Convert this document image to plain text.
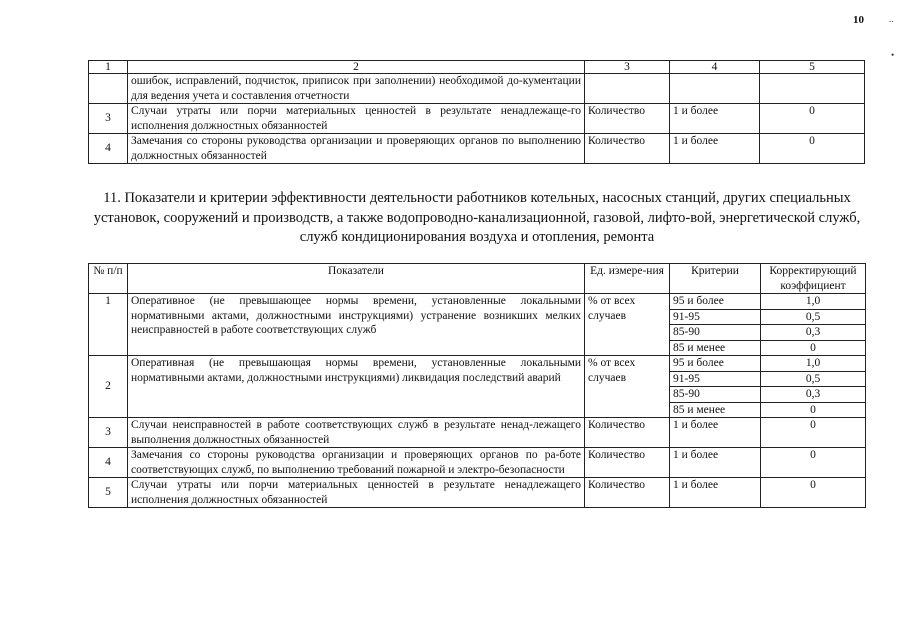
10	..
•
1	2	3	4	5
	ошибок, исправлений, подчисток, приписок при заполнении) необходимой до-кументации для ведения учета и составления отчетности			
3	Случаи утраты или порчи материальных ценностей в результате ненадлежаще-го исполнения должностных обязанностей	Количество	1 и более	0
4	Замечания со стороны руководства организации и проверяющих органов по выполнению должностных обязанностей	Количество	1 и более	0
11. Показатели и критерии эффективности деятельности работников котельных, насосных станций, других специальных установок, сооружений и производств, а также водопроводно-канализационной, газовой, лифто-вой, энергетической служб, служб кондиционирования воздуха и отопления, ремонта
№ п/п	Показатели	Ед. измере-ния	Критерии	Корректирующий коэффициент
1	Оперативное (не превышающее нормы времени, установленные локальными нормативными актами, должностными инструкциями) устранение возникших мелких неисправностей в работе соответствующих служб	% от всех случаев	95 и более	1,0
			91-95	0,5
			85-90	0,3
			85 и менее	0
2	Оперативная (не превышающая нормы времени, установленные локальными нормативными актами, должностными инструкциями) ликвидация последствий аварий	% от всех случаев	95 и более	1,0
			91-95	0,5
			85-90	0,3
			85 и менее	0
3	Случаи неисправностей в работе соответствующих служб в результате ненад-лежащего выполнения должностных обязанностей	Количество	1 и более	0
4	Замечания со стороны руководства организации и проверяющих органов по ра-боте соответствующих служб, по выполнению требований пожарной и электро-безопасности	Количество	1 и более	0
5	Случаи утраты или порчи материальных ценностей в результате ненадлежащего исполнения должностных обязанностей	Количество	1 и более	0
